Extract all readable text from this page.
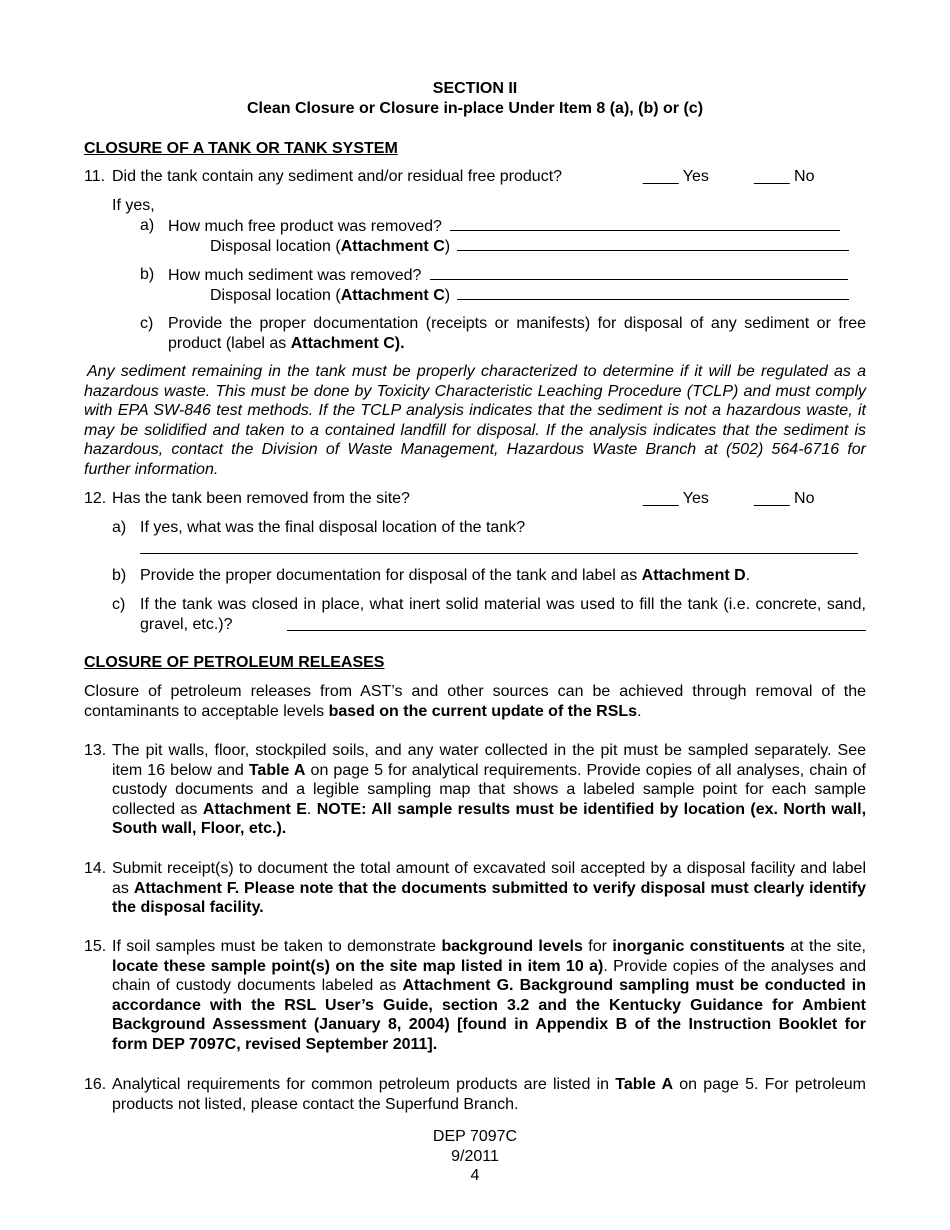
SECTION II
Clean Closure or Closure in-place Under Item 8 (a), (b) or (c)
CLOSURE OF A TANK OR TANK SYSTEM
11. Did the tank contain any sediment and/or residual free product?	____ Yes	____ No
If yes,
a) How much free product was removed?
Disposal location (Attachment C)
b) How much sediment was removed?
Disposal location (Attachment C)
c) Provide the proper documentation (receipts or manifests) for disposal of any sediment or free product (label as Attachment C).
Any sediment remaining in the tank must be properly characterized to determine if it will be regulated as a hazardous waste. This must be done by Toxicity Characteristic Leaching Procedure (TCLP) and must comply with EPA SW-846 test methods. If the TCLP analysis indicates that the sediment is not a hazardous waste, it may be solidified and taken to a contained landfill for disposal. If the analysis indicates that the sediment is hazardous, contact the Division of Waste Management, Hazardous Waste Branch at (502) 564-6716 for further information.
12. Has the tank been removed from the site?	____ Yes	____ No
a) If yes, what was the final disposal location of the tank?
b) Provide the proper documentation for disposal of the tank and label as Attachment D.
c) If the tank was closed in place, what inert solid material was used to fill the tank (i.e. concrete, sand, gravel, etc.)?
CLOSURE OF PETROLEUM RELEASES
Closure of petroleum releases from AST’s and other sources can be achieved through removal of the contaminants to acceptable levels based on the current update of the RSLs.
13. The pit walls, floor, stockpiled soils, and any water collected in the pit must be sampled separately. See item 16 below and Table A on page 5 for analytical requirements. Provide copies of all analyses, chain of custody documents and a legible sampling map that shows a labeled sample point for each sample collected as Attachment E. NOTE: All sample results must be identified by location (ex. North wall, South wall, Floor, etc.).
14. Submit receipt(s) to document the total amount of excavated soil accepted by a disposal facility and label as Attachment F. Please note that the documents submitted to verify disposal must clearly identify the disposal facility.
15. If soil samples must be taken to demonstrate background levels for inorganic constituents at the site, locate these sample point(s) on the site map listed in item 10 a). Provide copies of the analyses and chain of custody documents labeled as Attachment G. Background sampling must be conducted in accordance with the RSL User’s Guide, section 3.2 and the Kentucky Guidance for Ambient Background Assessment (January 8, 2004) [found in Appendix B of the Instruction Booklet for form DEP 7097C, revised September 2011].
16. Analytical requirements for common petroleum products are listed in Table A on page 5. For petroleum products not listed, please contact the Superfund Branch.
DEP 7097C
9/2011
4
